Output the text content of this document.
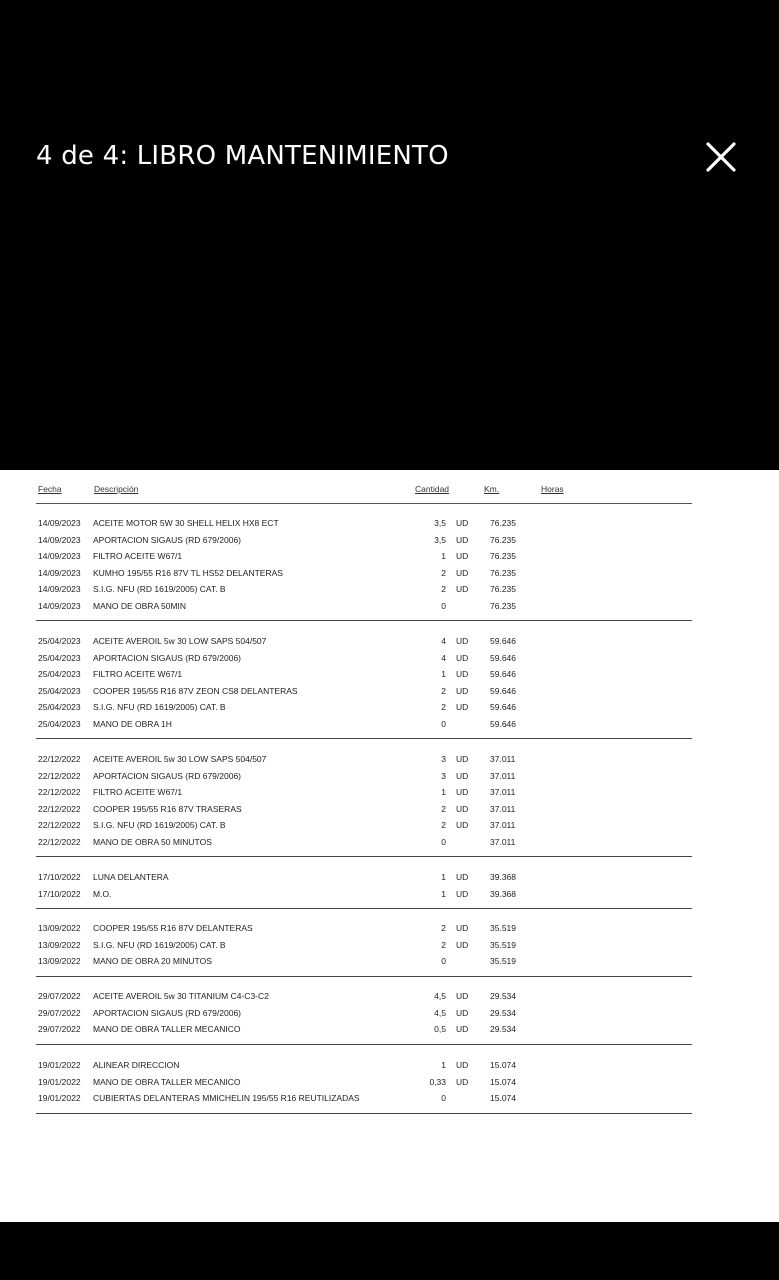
4 de 4: LIBRO MANTENIMIENTO
Fecha	Descripción	Cantidad	Km.	Horas
14/09/2023 ACEITE MOTOR 5W 30 SHELL HELIX HX8 ECT	3,5 UD	76.235
14/09/2023 APORTACION SIGAUS (RD 679/2006)	3,5 UD	76.235
14/09/2023 FILTRO ACEITE W67/1	1 UD	76.235
14/09/2023 KUMHO 195/55 R16 87V TL HS52 DELANTERAS	2 UD	76.235
14/09/2023 S.I.G. NFU (RD 1619/2005) CAT. B	2 UD	76.235
14/09/2023 MANO DE OBRA 50MIN	0	76.235
25/04/2023 ACEITE AVEROIL 5w 30 LOW SAPS 504/507	4 UD	59.646
25/04/2023 APORTACION SIGAUS (RD 679/2006)	4 UD	59.646
25/04/2023 FILTRO ACEITE W67/1	1 UD	59.646
25/04/2023 COOPER 195/55 R16 87V ZEON CS8 DELANTERAS	2 UD	59.646
25/04/2023 S.I.G. NFU (RD 1619/2005) CAT. B	2 UD	59.646
25/04/2023 MANO DE OBRA 1H	0	59.646
22/12/2022 ACEITE AVEROIL 5w 30 LOW SAPS 504/507	3 UD	37.011
22/12/2022 APORTACION SIGAUS (RD 679/2006)	3 UD	37.011
22/12/2022 FILTRO ACEITE W67/1	1 UD	37.011
22/12/2022 COOPER 195/55 R16 87V TRASERAS	2 UD	37.011
22/12/2022 S.I.G. NFU (RD 1619/2005) CAT. B	2 UD	37.011
22/12/2022 MANO DE OBRA 50 MINUTOS	0	37.011
17/10/2022 LUNA DELANTERA	1 UD	39.368
17/10/2022 M.O.	1 UD	39.368
13/09/2022 COOPER 195/55 R16 87V DELANTERAS	2 UD	35.519
13/09/2022 S.I.G. NFU (RD 1619/2005) CAT. B	2 UD	35.519
13/09/2022 MANO DE OBRA 20 MINUTOS	0	35.519
29/07/2022 ACEITE AVEROIL 5w 30 TITANIUM C4-C3-C2	4,5 UD	29.534
29/07/2022 APORTACION SIGAUS (RD 679/2006)	4,5 UD	29.534
29/07/2022 MANO DE OBRA TALLER MECANICO	0,5 UD	29.534
19/01/2022 ALINEAR DIRECCION	1 UD	15.074
19/01/2022 MANO DE OBRA TALLER MECANICO	0,33 UD	15.074
19/01/2022 CUBIERTAS DELANTERAS MMICHELIN 195/55 R16 REUTILIZADAS	0	15.074
